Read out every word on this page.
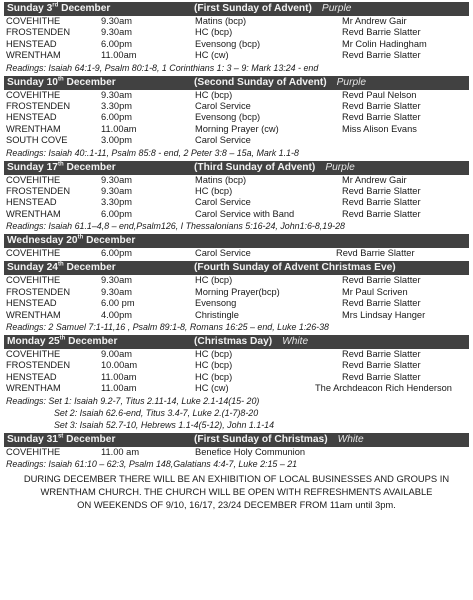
Sunday 3rd December	(First Sunday of Advent) Purple
COVEHITHE	9.30am	Matins (bcp)	Mr Andrew Gair
FROSTENDEN	9.30am	HC (bcp)	Revd Barrie Slatter
HENSTEAD	6.00pm	Evensong (bcp)	Mr Colin Hadingham
WRENTHAM	11.00am	HC (cw)	Revd Barrie Slatter
Readings: Isaiah 64:1-9, Psalm 80:1-8, 1 Corinthians 1: 3 – 9: Mark 13:24 - end
Sunday 10th December	(Second Sunday of Advent) Purple
COVEHITHE	9.30am	HC (bcp)	Revd Paul Nelson
FROSTENDEN	3.30pm	Carol Service	Revd Barrie Slatter
HENSTEAD	6.00pm	Evensong (bcp)	Revd Barrie Slatter
WRENTHAM	11.00am	Morning Prayer (cw)	Miss Alison Evans
SOUTH COVE	3.00pm	Carol Service
Readings: Isaiah 40:.1-11, Psalm 85:8 - end, 2 Peter 3:8 – 15a, Mark 1.1-8
Sunday 17th December	(Third Sunday of Advent) Purple
COVEHITHE	9.30am	Matins (bcp)	Mr Andrew Gair
FROSTENDEN	9.30am	HC (bcp)	Revd Barrie Slatter
HENSTEAD	3.30pm	Carol Service	Revd Barrie Slatter
WRENTHAM	6.00pm	Carol Service with Band	Revd Barrie Slatter
Readings: Isaiah 61.1–4,8 – end,Psalm126, I Thessalonians 5:16-24, John1:6-8,19-28
Wednesday 20th December
COVEHITHE	6.00pm	Carol Service	Revd Barrie Slatter
Sunday 24th December	(Fourth Sunday of Advent Christmas Eve)
COVEHITHE	9.30am	HC (bcp)	Revd Barrie Slatter
FROSTENDEN	9.30am	Morning Prayer(bcp)	Mr Paul Scriven
HENSTEAD	6.00 pm	Evensong	Revd Barrie Slatter
WRENTHAM	4.00pm	Christingle	Mrs Lindsay Hanger
Readings: 2 Samuel 7:1-11,16 , Psalm 89:1-8, Romans 16:25 – end, Luke 1:26-38
Monday 25th December	(Christmas Day) White
COVEHITHE	9.00am	HC (bcp)	Revd Barrie Slatter
FROSTENDEN	10.00am	HC (bcp)	Revd Barrie Slatter
HENSTEAD	11.00am	HC (bcp)	Revd Barrie Slatter
WRENTHAM	11.00am	HC (cw)	The Archdeacon Rich Henderson
Readings: Set 1: Isaiah 9.2-7, Titus 2.11-14, Luke 2.1-14(15- 20)
Set 2: Isaiah 62.6-end, Titus 3.4-7, Luke 2.(1-7)8-20
Set 3: Isaiah 52.7-10, Hebrews 1.1-4(5-12), John 1.1-14
Sunday 31st December	(First Sunday of Christmas) White
COVEHITHE	11.00 am	Benefice Holy Communion
Readings: Isaiah 61:10 – 62:3, Psalm 148,Galatians 4:4-7, Luke 2:15 – 21
DURING DECEMBER THERE WILL BE AN EXHIBITION OF LOCAL BUSINESSES AND GROUPS IN
WRENTHAM CHURCH. THE CHURCH WILL BE OPEN WITH REFRESHMENTS AVAILABLE
ON WEEKENDS OF 9/10, 16/17, 23/24 DECEMBER FROM 11am until 3pm.
